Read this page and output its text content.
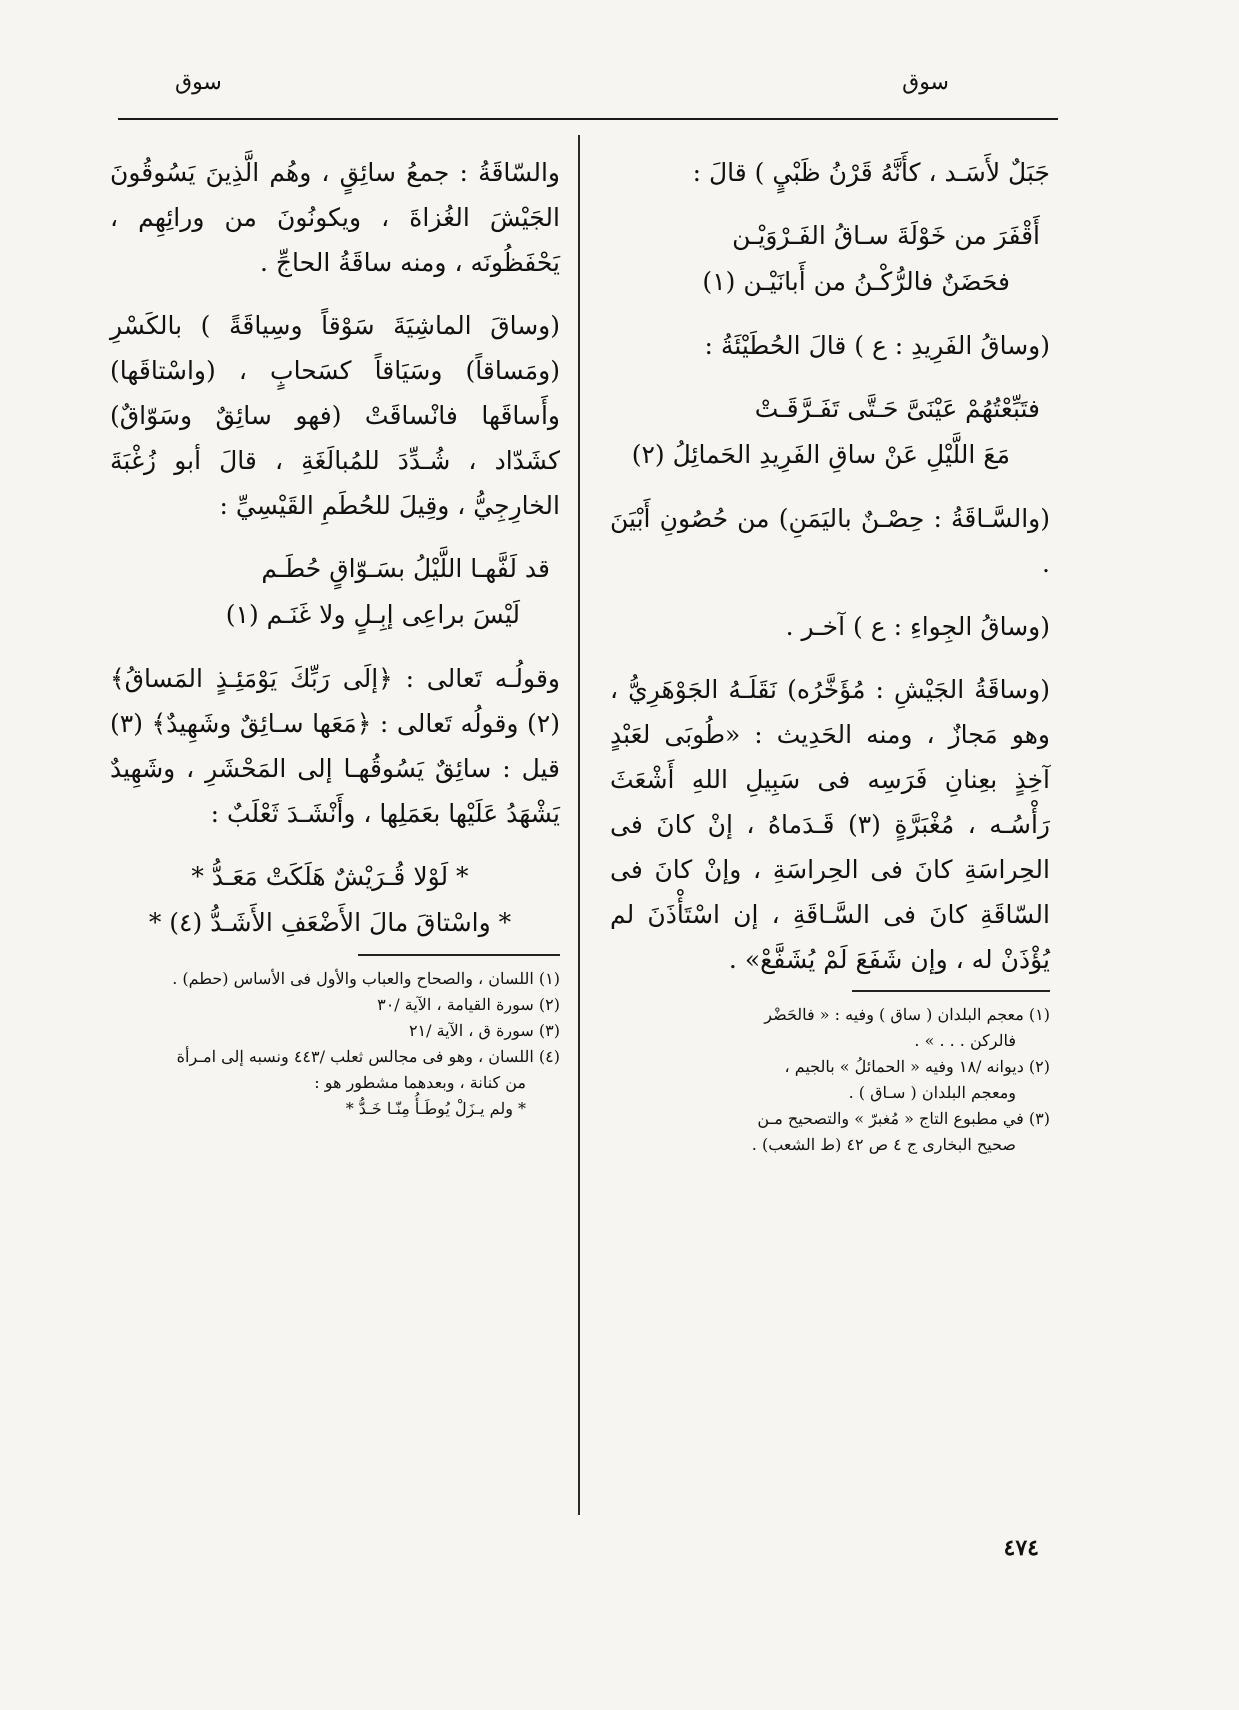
سوق
سوق

جَبَلٌ لأَسَـد ، كأَنَّهُ قَرْنُ ظَبْيٍ ) قالَ :

أَقْفَرَ من خَوْلَةَ سـاقُ الفَـرْوَيْـن

فحَضَنٌ فالرُّكْـنُ من أَبانَيْـن (١)

(وساقُ الفَرِيدِ : ع ) قالَ الحُطَيْئَةُ :

فتَبِّعْتُهُمْ عَيْنَىَّ حَـتَّى تَفَـرَّقَـتْ

مَعَ اللَّيْلِ عَنْ ساقِ الفَرِيدِ الحَمائِلُ (٢)

(والسَّـاقَةُ : حِصْـنٌ باليَمَنِ) من حُصُونِ أَبْيَنَ .

(وساقُ الجِواءِ : ع ) آخـر .

(وساقَةُ الجَيْشِ : مُؤَخَّرُه) نَقَلَـهُ الجَوْهَرِيُّ ، وهو مَجازٌ ، ومنه الحَدِيث : «طُوبَى لعَبْدٍ آخِذٍ بعِنانِ فَرَسِه فى سَبِيلِ اللهِ أَشْعَثَ رَأْسُـه ، مُغْبَرَّةٍ (٣) قَـدَماهُ ، إنْ كانَ فى الحِراسَةِ كانَ فى الحِراسَةِ ، وإنْ كانَ فى السّاقَةِ كانَ فى السَّـاقَةِ ، إن اسْتَأْذَنَ لم يُؤْذَنْ له ، وإن شَفَعَ لَمْ يُشَفَّعْ» .

(١) معجم البلدان ( ساق ) وفيه : « فالحَضْر

فالركن . . . » .

(٢) ديوانه /١٨ وفيه « الحمائلُ » بالجيم ،

ومعجم البلدان ( سـاق ) .

(٣) في مطبوع التاج « مُغبرّ » والتصحيح مـن

صحيح البخارى ج ٤ ص ٤٢ (ط الشعب) .

والسّاقَةُ : جمعُ سائِقٍ ، وهُم الَّذِينَ يَسُوقُونَ الجَيْشَ الغُزاةَ ، ويكونُونَ من ورائِهِم ، يَحْفَظُونَه ، ومنه ساقَةُ الحاجِّ .

(وساقَ الماشِيَةَ سَوْقاً وسِياقَةً ) بالكَسْرِ (ومَساقاً) وسَيَاقاً كسَحابٍ ، (واسْتاقَها) وأَساقَها فانْساقَتْ (فهو سائِقٌ وسَوّاقٌ) كشَدّاد ، شُـدِّدَ للمُبالَغَةِ ، قالَ أبو زُغْبَةَ الخارِجِيُّ ، وقِيلَ للحُطَمِ القَيْسِيِّ :

قد لَفَّهـا اللَّيْلُ بسَـوّاقٍ حُطَـم

لَيْسَ براعِى إبِـلٍ ولا غَنَـم (١)

وقولُـه تَعالى : ﴿إلَى رَبِّكَ يَوْمَئِـذٍ المَساقُ﴾ (٢) وقولُه تَعالى : ﴿مَعَها سـائِقٌ وشَهِيدٌ﴾ (٣) قيل : سائِقٌ يَسُوقُهـا إلى المَحْشَرِ ، وشَهِيدٌ يَشْهَدُ عَلَيْها بعَمَلِها ، وأَنْشَـدَ ثَعْلَبٌ :

* لَوْلا قُـرَيْشٌ هَلَكَتْ مَعَـدُّ *

* واسْتاقَ مالَ الأَضْعَفِ الأَشَـدُّ (٤) *

(١) اللسان ، والصحاح والعباب والأول فى الأساس (حطم) .

(٢) سورة القيامة ، الآية /٣٠

(٣) سورة ق ، الآية /٢١

(٤) اللسان ، وهو فى مجالس ثعلب /٤٤٣ ونسبه إلى امـرأة

من كنانة ، وبعدهما مشطور هو :

* ولم يـزَلْ يُوطَـأُ مِنّـا خَـدُّ *

٤٧٤
